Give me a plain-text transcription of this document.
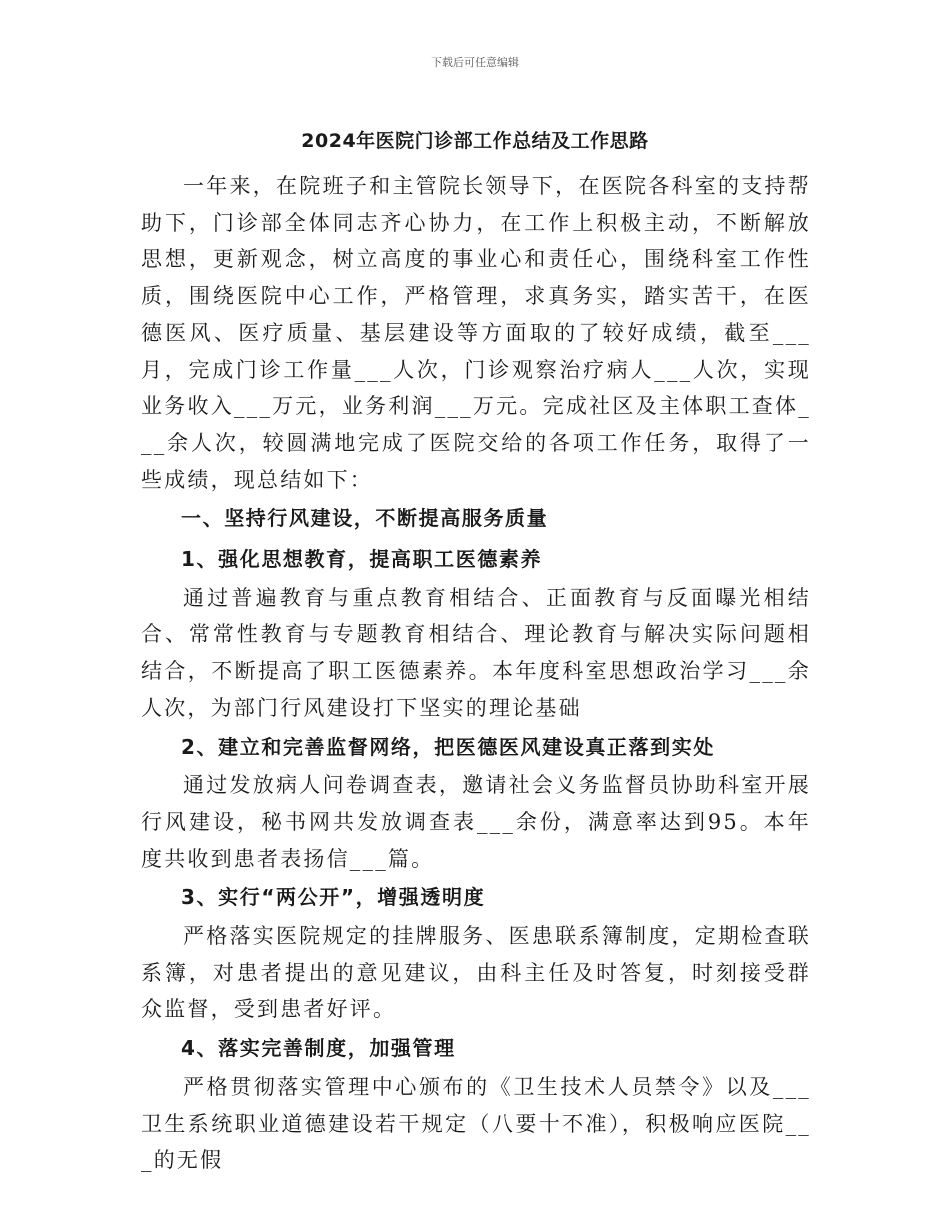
下载后可任意编辑
2024年医院门诊部工作总结及工作思路

一年来，在院班子和主管院长领导下，在医院各科室的支持帮助下，门诊部全体同志齐心协力，在工作上积极主动，不断解放思想，更新观念，树立高度的事业心和责任心，围绕科室工作性质，围绕医院中心工作，严格管理，求真务实，踏实苦干，在医德医风、医疗质量、基层建设等方面取的了较好成绩，截至___月，完成门诊工作量___人次，门诊观察治疗病人___人次，实现业务收入___万元，业务利润___万元。完成社区及主体职工查体___余人次，较圆满地完成了医院交给的各项工作任务，取得了一些成绩，现总结如下：

一、坚持行风建设，不断提高服务质量

1、强化思想教育，提高职工医德素养

通过普遍教育与重点教育相结合、正面教育与反面曝光相结合、常常性教育与专题教育相结合、理论教育与解决实际问题相结合，不断提高了职工医德素养。本年度科室思想政治学习___余人次，为部门行风建设打下坚实的理论基础

2、建立和完善监督网络，把医德医风建设真正落到实处

通过发放病人问卷调查表，邀请社会义务监督员协助科室开展行风建设，秘书网共发放调查表___余份，满意率达到95。本年度共收到患者表扬信___篇。

3、实行“两公开”，增强透明度

严格落实医院规定的挂牌服务、医患联系簿制度，定期检查联系簿，对患者提出的意见建议，由科主任及时答复，时刻接受群众监督，受到患者好评。

4、落实完善制度，加强管理

严格贯彻落实管理中心颁布的《卫生技术人员禁令》以及___卫生系统职业道德建设若干规定（八要十不准），积极响应医院___的无假
